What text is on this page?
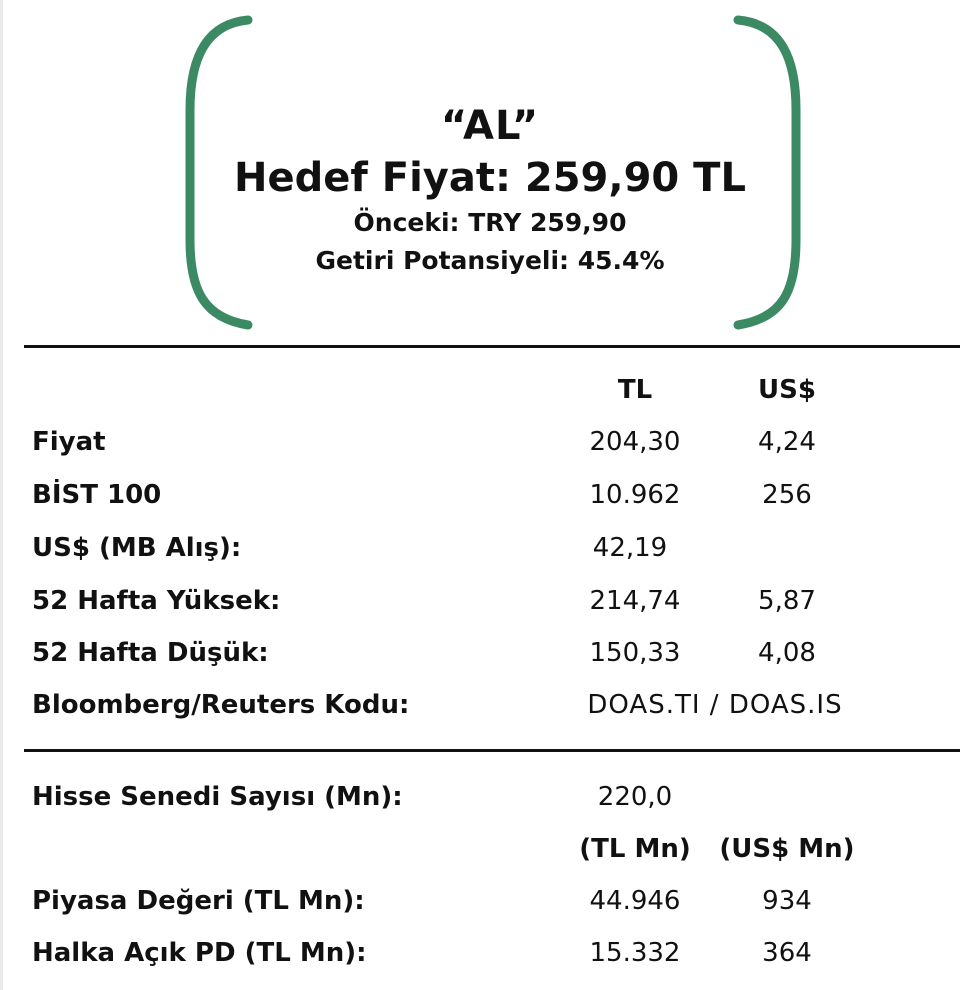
“AL”
Hedef Fiyat: 259,90 TL
Önceki: TRY 259,90
Getiri Potansiyeli: 45.4%
TL	US$
Fiyat	204,30	4,24
BİST 100	10.962	256
US$ (MB Alış):	42,19
52 Hafta Yüksek:	214,74	5,87
52 Hafta Düşük:	150,33	4,08
Bloomberg/Reuters Kodu:	DOAS.TI / DOAS.IS
Hisse Senedi Sayısı (Mn):	220,0
(TL Mn)	(US$ Mn)
Piyasa Değeri (TL Mn):	44.946	934
Halka Açık PD (TL Mn):	15.332	364
